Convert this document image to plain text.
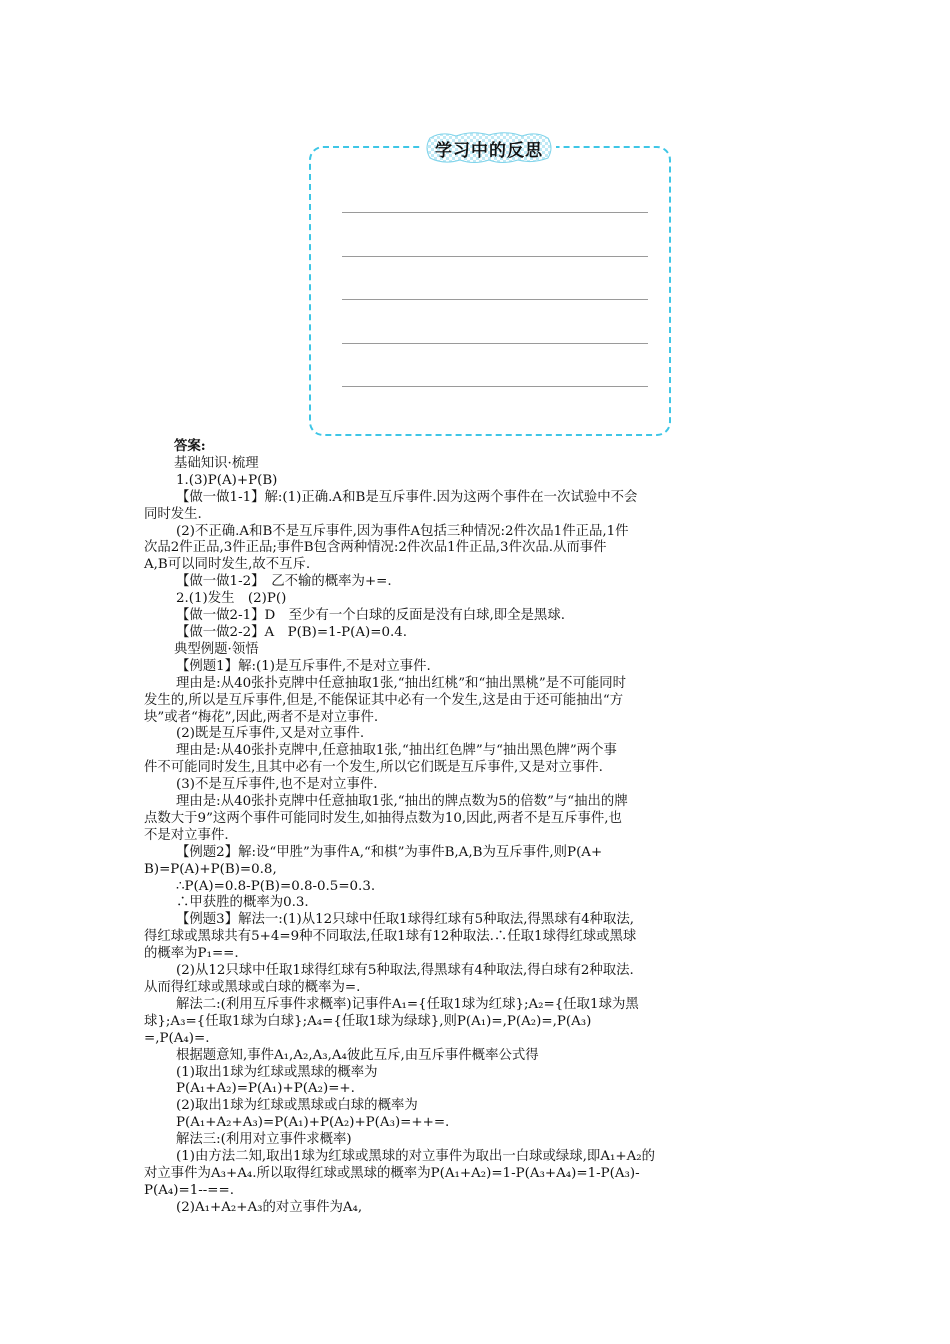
学习中的反思

答案:

基础知识·梳理

1.(3)P(A)+P(B)

【做一做1-1】解:(1)正确.A和B是互斥事件.因为这两个事件在一次试验中不会

同时发生.

(2)不正确.A和B不是互斥事件,因为事件A包括三种情况:2件次品1件正品,1件

次品2件正品,3件正品;事件B包含两种情况:2件次品1件正品,3件次品.从而事件

A,B可以同时发生,故不互斥.

【做一做1-2】　乙不输的概率为+=.

2.(1)发生　(2)P()

【做一做2-1】D　至少有一个白球的反面是没有白球,即全是黑球.

【做一做2-2】A　P(B)=1-P(A)=0.4.

典型例题·领悟

【例题1】解:(1)是互斥事件,不是对立事件.

理由是:从40张扑克牌中任意抽取1张,“抽出红桃”和“抽出黑桃”是不可能同时

发生的,所以是互斥事件,但是,不能保证其中必有一个发生,这是由于还可能抽出“方

块”或者“梅花”,因此,两者不是对立事件.

(2)既是互斥事件,又是对立事件.

理由是:从40张扑克牌中,任意抽取1张,“抽出红色牌”与“抽出黑色牌”两个事

件不可能同时发生,且其中必有一个发生,所以它们既是互斥事件,又是对立事件.

(3)不是互斥事件,也不是对立事件.

理由是:从40张扑克牌中任意抽取1张,“抽出的牌点数为5的倍数”与“抽出的牌

点数大于9”这两个事件可能同时发生,如抽得点数为10,因此,两者不是互斥事件,也

不是对立事件.

【例题2】解:设“甲胜”为事件A,“和棋”为事件B,A,B为互斥事件,则P(A+

B)=P(A)+P(B)=0.8,

∴P(A)=0.8-P(B)=0.8-0.5=0.3.

∴甲获胜的概率为0.3.

【例题3】解法一:(1)从12只球中任取1球得红球有5种取法,得黑球有4种取法,

得红球或黑球共有5+4=9种不同取法,任取1球有12种取法.∴任取1球得红球或黑球

的概率为P₁==.

(2)从12只球中任取1球得红球有5种取法,得黑球有4种取法,得白球有2种取法.

从而得红球或黑球或白球的概率为=.

解法二:(利用互斥事件求概率)记事件A₁={任取1球为红球};A₂={任取1球为黑

球};A₃={任取1球为白球};A₄={任取1球为绿球},则P(A₁)=,P(A₂)=,P(A₃)

=,P(A₄)=.

根据题意知,事件A₁,A₂,A₃,A₄彼此互斥,由互斥事件概率公式得

(1)取出1球为红球或黑球的概率为

P(A₁+A₂)=P(A₁)+P(A₂)=+.

(2)取出1球为红球或黑球或白球的概率为

P(A₁+A₂+A₃)=P(A₁)+P(A₂)+P(A₃)=++=.

解法三:(利用对立事件求概率)

(1)由方法二知,取出1球为红球或黑球的对立事件为取出一白球或绿球,即A₁+A₂的

对立事件为A₃+A₄.所以取得红球或黑球的概率为P(A₁+A₂)=1-P(A₃+A₄)=1-P(A₃)-

P(A₄)=1--==.

(2)A₁+A₂+A₃的对立事件为A₄,
